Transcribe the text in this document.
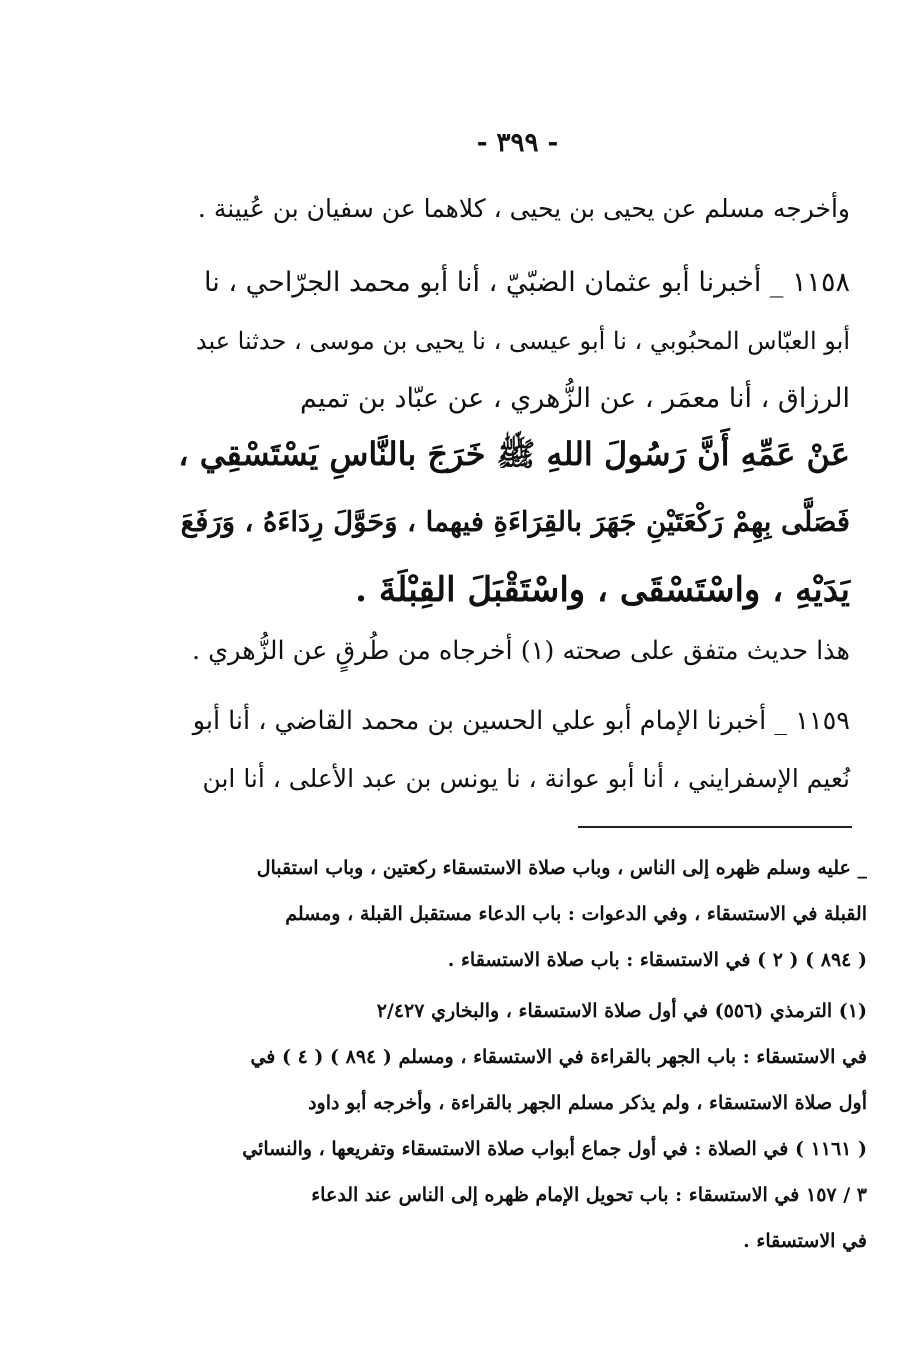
- ٣٩٩ -
وأخرجه مسلم عن يحيى بن يحيى ، كلاهما عن سفيان بن عُيينة .
١١٥٨ _ أخبرنا أبو عثمان الضبّيّ ، أنا أبو محمد الجرّاحي ، نا
أبو العبّاس المحبُوبي ، نا أبو عيسى ، نا يحيى بن موسى ، حدثنا عبد
الرزاق ، أنا معمَر ، عن الزُّهري ، عن عبّاد بن تميم
عَنْ عَمِّهِ أَنَّ رَسُولَ اللهِ ﷺ خَرَجَ بالنَّاسِ يَسْتَسْقِي ،
فَصَلَّى بِهِمْ رَكْعَتَيْنِ جَهَرَ بالقِرَاءَةِ فيهما ، وَحَوَّلَ رِدَاءَهُ ، وَرَفَعَ
يَدَيْهِ ، واسْتَسْقَى ، واسْتَقْبَلَ القِبْلَةَ .
هذا حديث متفق على صحته (١) أخرجاه من طُرقٍ عن الزُّهري .
١١٥٩ _ أخبرنا الإمام أبو علي الحسين بن محمد القاضي ، أنا أبو
نُعيم الإسفرايني ، أنا أبو عوانة ، نا يونس بن عبد الأعلى ، أنا ابن
_ عليه وسلم ظهره إلى الناس ، وباب صلاة الاستسقاء ركعتين ، وباب استقبال
القبلة في الاستسقاء ، وفي الدعوات : باب الدعاء مستقبل القبلة ، ومسلم
( ٨٩٤ ) ( ٢ ) في الاستسقاء : باب صلاة الاستسقاء .
(١) الترمذي (٥٥٦) في أول صلاة الاستسقاء ، والبخاري ٢/٤٢٧
في الاستسقاء : باب الجهر بالقراءة في الاستسقاء ، ومسلم ( ٨٩٤ ) ( ٤ ) في
أول صلاة الاستسقاء ، ولم يذكر مسلم الجهر بالقراءة ، وأخرجه أبو داود
( ١١٦١ ) في الصلاة : في أول جماع أبواب صلاة الاستسقاء وتفريعها ، والنسائي
٣ / ١٥٧ في الاستسقاء : باب تحويل الإمام ظهره إلى الناس عند الدعاء
في الاستسقاء .
